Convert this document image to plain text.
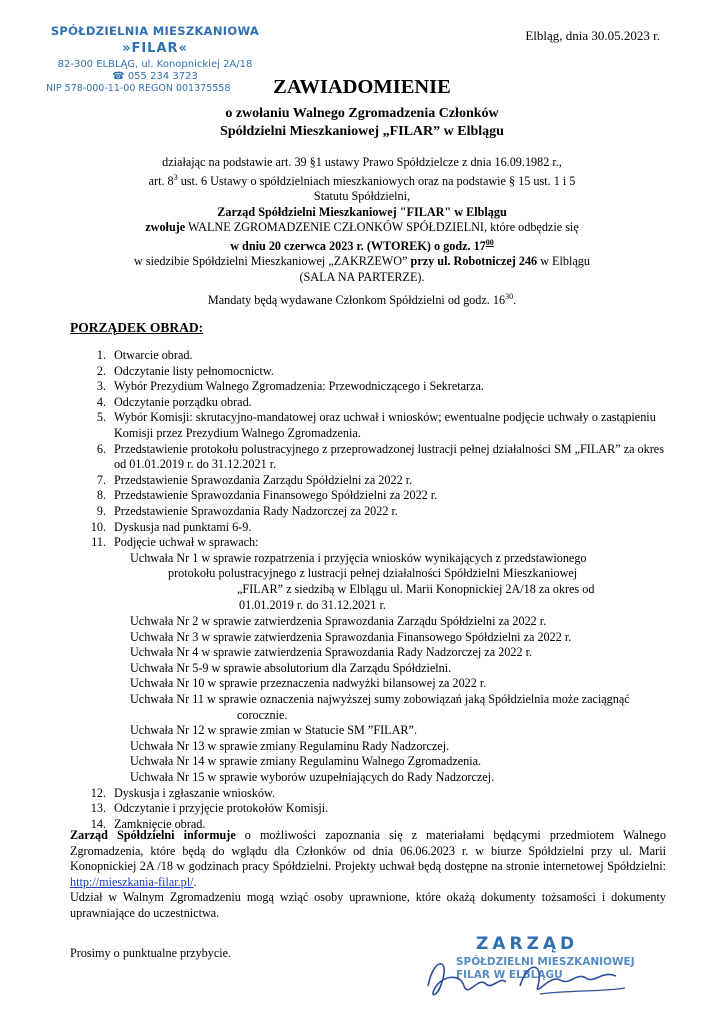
SPÓŁDZIELNIA MIESZKANIOWA
»FILAR«
82-300 ELBLĄG, ul. Konopnickiej 2A/18
☎ 055 234 3723
NIP 578-000-11-00 REGON 001375558
Elbląg, dnia 30.05.2023 r.
ZAWIADOMIENIE
o zwołaniu Walnego Zgromadzenia Członków
Spółdzielni Mieszkaniowej „FILAR” w Elblągu
działając na podstawie art. 39 §1 ustawy Prawo Spółdzielcze z dnia 16.09.1982 r.,
art. $8^3$ ust. 6 Ustawy o spółdzielniach mieszkaniowych oraz na podstawie § 15 ust. 1 i 5
Statutu Spółdzielni,
Zarząd Spółdzielni Mieszkaniowej "FILAR" w Elblągu
zwołuje WALNE ZGROMADZENIE CZŁONKÓW SPÓŁDZIELNI, które odbędzie się
w dniu 20 czerwca 2023 r. (WTOREK) o godz. $17^{00}$
w siedzibie Spółdzielni Mieszkaniowej „ZAKRZEWO” przy ul. Robotniczej 246 w Elblągu
(SALA NA PARTERZE).
Mandaty będą wydawane Członkom Spółdzielni od godz. $16^{30}$.
PORZĄDEK OBRAD:
1. Otwarcie obrad.
2. Odczytanie listy pełnomocnictw.
3. Wybór Prezydium Walnego Zgromadzenia: Przewodniczącego i Sekretarza.
4. Odczytanie porządku obrad.
5. Wybór Komisji: skrutacyjno-mandatowej oraz uchwał i wniosków; ewentualne podjęcie uchwały o zastąpieniu Komisji przez Prezydium Walnego Zgromadzenia.
6. Przedstawienie protokołu polustracyjnego z przeprowadzonej lustracji pełnej działalności SM „FILAR” za okres od 01.01.2019 r. do 31.12.2021 r.
7. Przedstawienie Sprawozdania Zarządu Spółdzielni za 2022 r.
8. Przedstawienie Sprawozdania Finansowego Spółdzielni za 2022 r.
9. Przedstawienie Sprawozdania Rady Nadzorczej za 2022 r.
10. Dyskusja nad punktami 6-9.
11. Podjęcie uchwał w sprawach:
Uchwała Nr 1 w sprawie rozpatrzenia i przyjęcia wniosków wynikających z przedstawionego
protokołu polustracyjnego z lustracji pełnej działalności Spółdzielni Mieszkaniowej
„FILAR” z siedzibą w Elblągu ul. Marii Konopnickiej 2A/18 za okres od
01.01.2019 r. do 31.12.2021 r.
Uchwała Nr 2 w sprawie zatwierdzenia Sprawozdania Zarządu Spółdzielni za 2022 r.
Uchwała Nr 3 w sprawie zatwierdzenia Sprawozdania Finansowego Spółdzielni za 2022 r.
Uchwała Nr 4 w sprawie zatwierdzenia Sprawozdania Rady Nadzorczej za 2022 r.
Uchwała Nr 5-9 w sprawie absolutorium dla Zarządu Spółdzielni.
Uchwała Nr 10 w sprawie przeznaczenia nadwyżki bilansowej za 2022 r.
Uchwała Nr 11 w sprawie oznaczenia najwyższej sumy zobowiązań jaką Spółdzielnia może zaciągnąć
corocznie.
Uchwała Nr 12 w sprawie zmian w Statucie SM ”FILAR”.
Uchwała Nr 13 w sprawie zmiany Regulaminu Rady Nadzorczej.
Uchwała Nr 14 w sprawie zmiany Regulaminu Walnego Zgromadzenia.
Uchwała Nr 15 w sprawie wyborów uzupełniających do Rady Nadzorczej.
12. Dyskusja i zgłaszanie wniosków.
13. Odczytanie i przyjęcie protokołów Komisji.
14. Zamknięcie obrad.
Zarząd Spółdzielni informuje o możliwości zapoznania się z materiałami będącymi przedmiotem Walnego Zgromadzenia, które będą do wglądu dla Członków od dnia 06.06.2023 r. w biurze Spółdzielni przy ul. Marii Konopnickiej 2A /18 w godzinach pracy Spółdzielni. Projekty uchwał będą dostępne na stronie internetowej Spółdzielni: http://mieszkania-filar.pl/.
Udział w Walnym Zgromadzeniu mogą wziąć osoby uprawnione, które okażą dokumenty tożsamości i dokumenty uprawniające do uczestnictwa.
Prosimy o punktualne przybycie.	ZARZĄD
SPÓŁDZIELNI MIESZKANIOWEJ
FILAR W ELBLĄGU
